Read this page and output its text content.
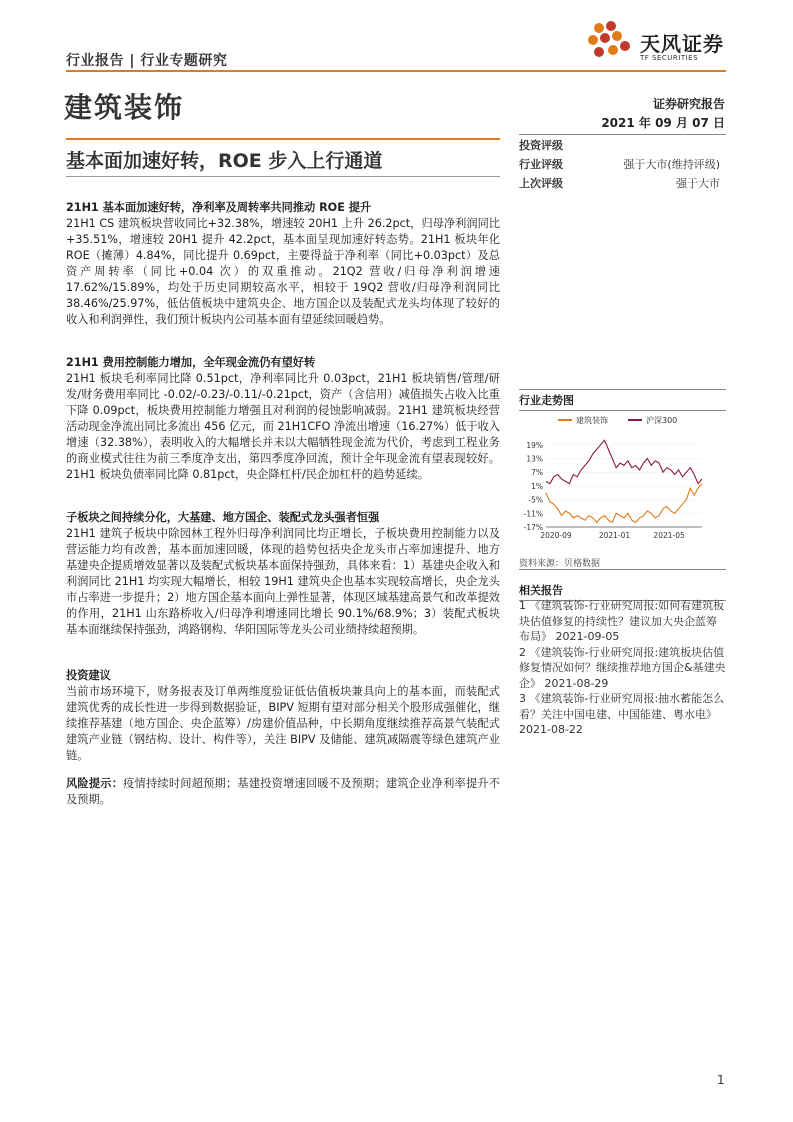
行业报告 | 行业专题研究
天风证券
TF SECURITIES
建筑装饰	证券研究报告
2021 年 09 月 07 日
基本面加速好转，ROE 步入上行通道
投资评级
行业评级	强于大市(维持评级)
上次评级	强于大市
21H1 基本面加速好转，净利率及周转率共同推动 ROE 提升

21H1 CS 建筑板块营收同比+32.38%，增速较 20H1 上升 26.2pct，归母净利润同比+35.51%，增速较 20H1 提升 42.2pct，基本面呈现加速好转态势。21H1 板块年化 ROE（摊薄）4.84%，同比提升 0.69pct，主要得益于净利率（同比+0.03pct）及总资产周转率（同比+0.04 次）的双重推动。21Q2 营收/归母净利润增速 17.62%/15.89%，均处于历史同期较高水平，相较于 19Q2 营收/归母净利润同比 38.46%/25.97%，低估值板块中建筑央企、地方国企以及装配式龙头均体现了较好的收入和利润弹性，我们预计板块内公司基本面有望延续回暖趋势。

21H1 费用控制能力增加，全年现金流仍有望好转

21H1 板块毛利率同比降 0.51pct，净利率同比升 0.03pct，21H1 板块销售/管理/研发/财务费用率同比 -0.02/-0.23/-0.11/-0.21pct，资产（含信用）减值损失占收入比重下降 0.09pct，板块费用控制能力增强且对利润的侵蚀影响减弱。21H1 建筑板块经营活动现金净流出同比多流出 456 亿元，而 21H1CFO 净流出增速（16.27%）低于收入增速（32.38%），表明收入的大幅增长并未以大幅牺牲现金流为代价，考虑到工程业务的商业模式往往为前三季度净支出，第四季度净回流，预计全年现金流有望表现较好。21H1 板块负债率同比降 0.81pct，央企降杠杆/民企加杠杆的趋势延续。

子板块之间持续分化，大基建、地方国企、装配式龙头强者恒强

21H1 建筑子板块中除园林工程外归母净利润同比均正增长，子板块费用控制能力以及营运能力均有改善，基本面加速回暖，体现的趋势包括央企龙头市占率加速提升、地方基建央企提质增效显著以及装配式板块基本面保持强劲，具体来看：1）基建央企收入和利润同比 21H1 均实现大幅增长，相较 19H1 建筑央企也基本实现较高增长，央企龙头市占率进一步提升；2）地方国企基本面向上弹性显著，体现区域基建高景气和改革提效的作用，21H1 山东路桥收入/归母净利增速同比增长 90.1%/68.9%；3）装配式板块基本面继续保持强劲，鸿路钢构、华阳国际等龙头公司业绩持续超预期。

投资建议

当前市场环境下，财务报表及订单两维度验证低估值板块兼具向上的基本面，而装配式建筑优秀的成长性进一步得到数据验证，BIPV 短期有望对部分相关个股形成强催化，继续推荐基建（地方国企、央企蓝筹）/房建价值品种，中长期角度继续推荐高景气装配式建筑产业链（钢结构、设计、构件等），关注 BIPV 及储能、建筑减隔震等绿色建筑产业链。

风险提示：疫情持续时间超预期；基建投资增速回暖不及预期；建筑企业净利率提升不及预期。

行业走势图
建筑装饰	沪深300
19%
13%
7%
1%
-5%
-11%
-17%
2020-09	2021-01	2021-05
资料来源：贝格数据
相关报告
1 《建筑装饰-行业研究周报:如何看建筑板块估值修复的持续性？建议加大央企蓝筹布局》 2021-09-05
2 《建筑装饰-行业研究周报:建筑板块估值修复情况如何？继续推荐地方国企&基建央企》 2021-08-29
3 《建筑装饰-行业研究周报:抽水蓄能怎么看？关注中国电建、中国能建、粤水电》 2021-08-22
1
